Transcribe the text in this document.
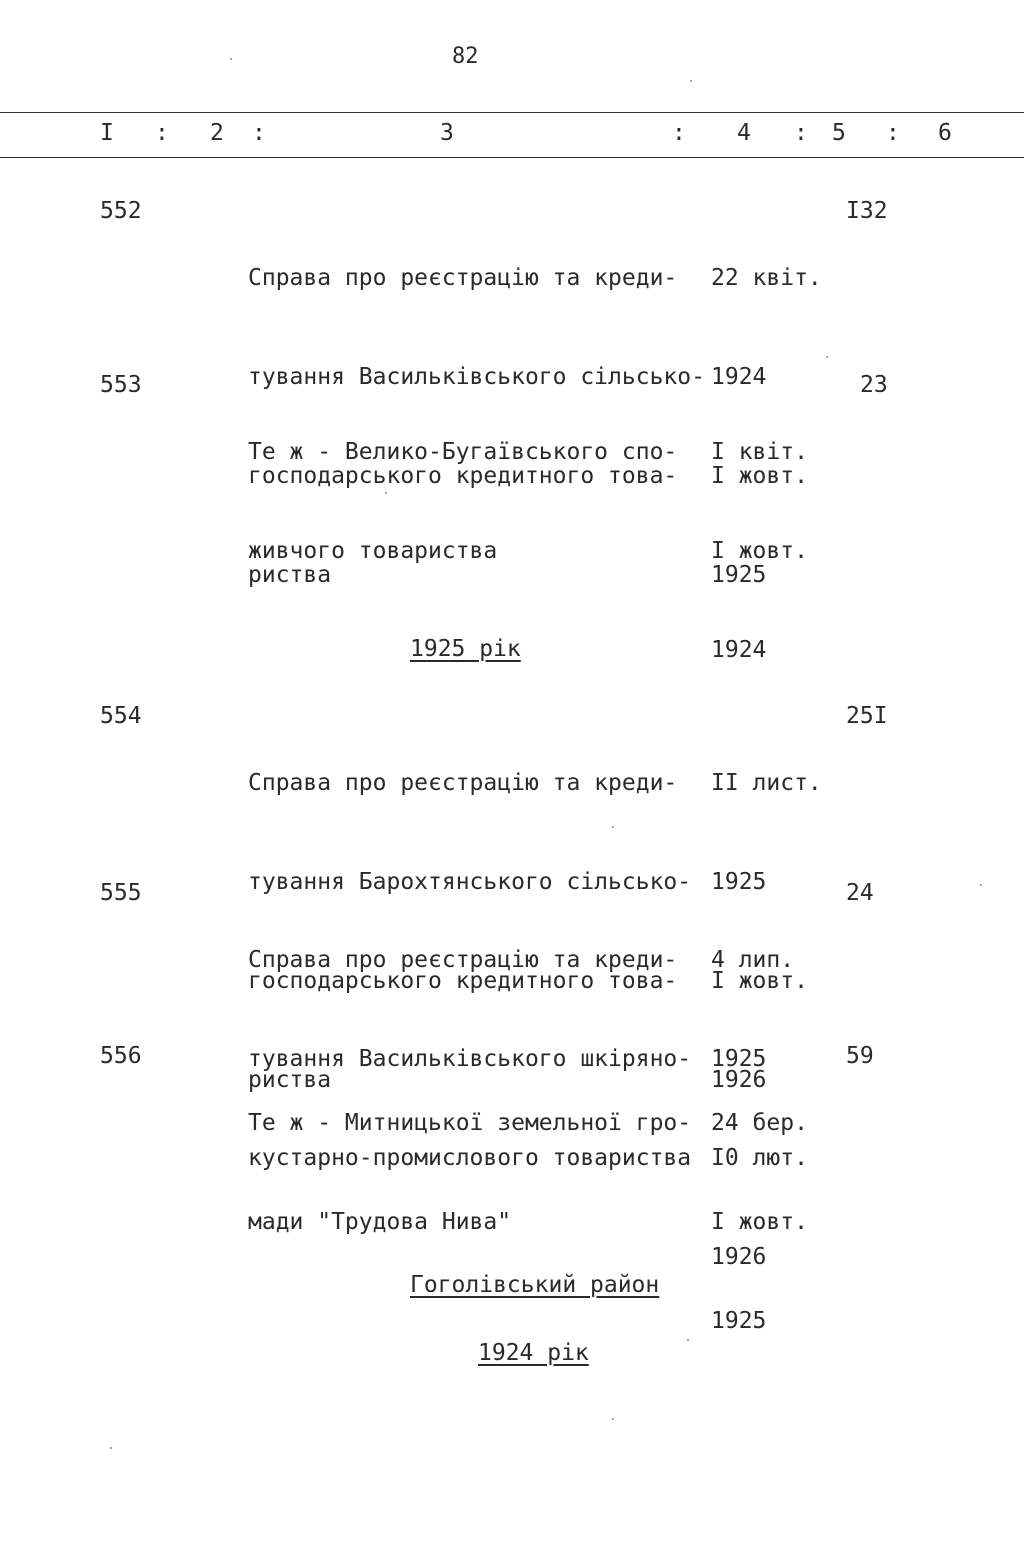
82
I : 2 :	3	: 4 : 5 : 6
552

Справа про реєстрацію та креди-

тування Васильківського сільсько-

господарського кредитного това-

риства

22 квіт.

1924

I жовт.

1925

I32
553

Те ж - Велико-Бугаївського спо-

живчого товариства

I квіт.

I жовт.

1924

23
1925 рік
554

Справа про реєстрацію та креди-

тування Барохтянського сільсько-

господарського кредитного това-

риства

II лист.

1925

I жовт.

1926

25I
555

Справа про реєстрацію та креди-

тування Васильківського шкіряно-

кустарно-промислового товариства

4 лип.

1925

I0 лют.

1926

24
556

Те ж - Митницької земельної гро-

мади "Трудова Нива"

24 бер.

I жовт.

1925

59
Гоголівський район
1924 рік
